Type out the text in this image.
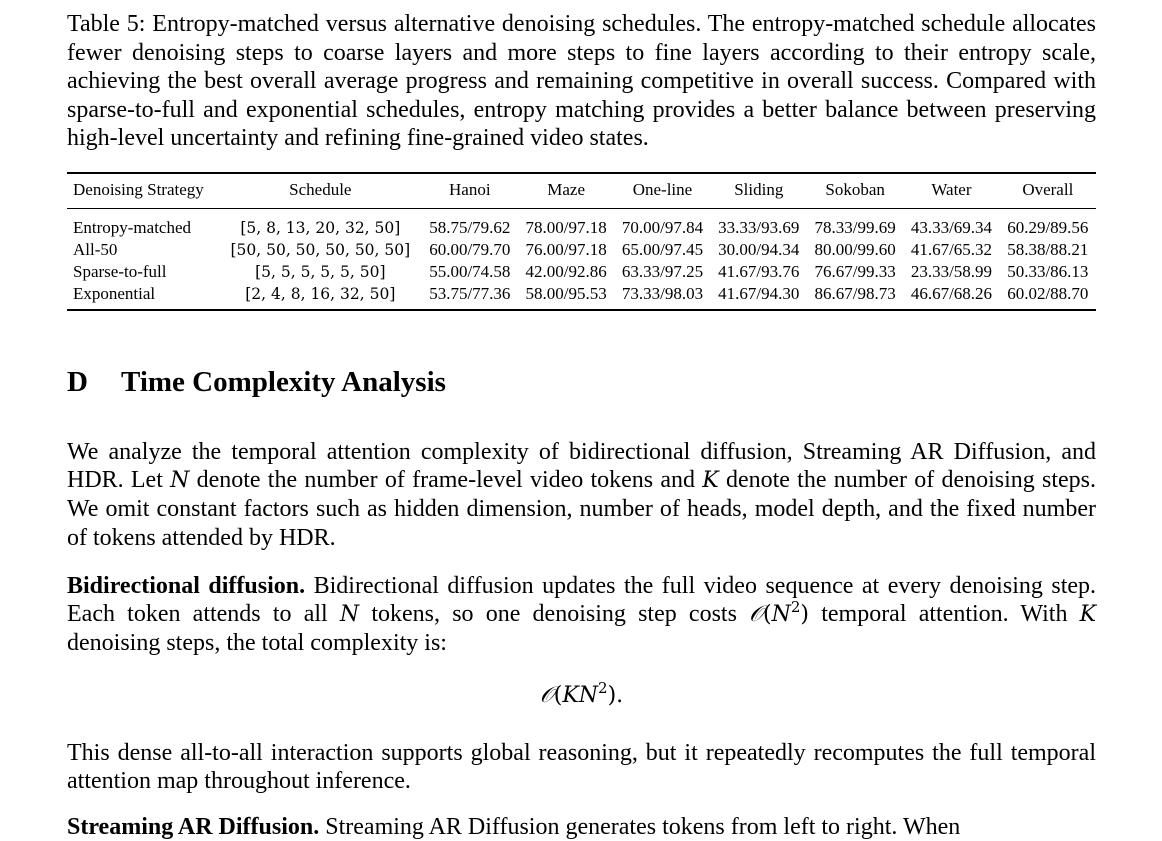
Table 5: Entropy-matched versus alternative denoising schedules. The entropy-matched schedule allocates fewer denoising steps to coarse layers and more steps to fine layers according to their entropy scale, achieving the best overall average progress and remaining competitive in overall success. Compared with sparse-to-full and exponential schedules, entropy matching provides a better balance between preserving high-level uncertainty and refining fine-grained video states.
Denoising Strategy	Schedule	Hanoi	Maze	One-line	Sliding	Sokoban	Water	Overall
Entropy-matched	[5, 8, 13, 20, 32, 50]	58.75/79.62	78.00/97.18	70.00/97.84	33.33/93.69	78.33/99.69	43.33/69.34	60.29/89.56
All-50	[50, 50, 50, 50, 50, 50]	60.00/79.70	76.00/97.18	65.00/97.45	30.00/94.34	80.00/99.60	41.67/65.32	58.38/88.21
Sparse-to-full	[5, 5, 5, 5, 5, 50]	55.00/74.58	42.00/92.86	63.33/97.25	41.67/93.76	76.67/99.33	23.33/58.99	50.33/86.13
Exponential	[2, 4, 8, 16, 32, 50]	53.75/77.36	58.00/95.53	73.33/98.03	41.67/94.30	86.67/98.73	46.67/68.26	60.02/88.70
D Time Complexity Analysis

We analyze the temporal attention complexity of bidirectional diffusion, Streaming AR Diffusion, and HDR. Let N denote the number of frame-level video tokens and K denote the number of denoising steps. We omit constant factors such as hidden dimension, number of heads, model depth, and the fixed number of tokens attended by HDR.

Bidirectional diffusion. Bidirectional diffusion updates the full video sequence at every denoising step. Each token attends to all N tokens, so one denoising step costs $𝒪(N^2)$ temporal attention. With K denoising steps, the total complexity is:

$𝒪(KN^2)$.

This dense all-to-all interaction supports global reasoning, but it repeatedly recomputes the full temporal attention map throughout inference.

Streaming AR Diffusion. Streaming AR Diffusion generates tokens from left to right. When
